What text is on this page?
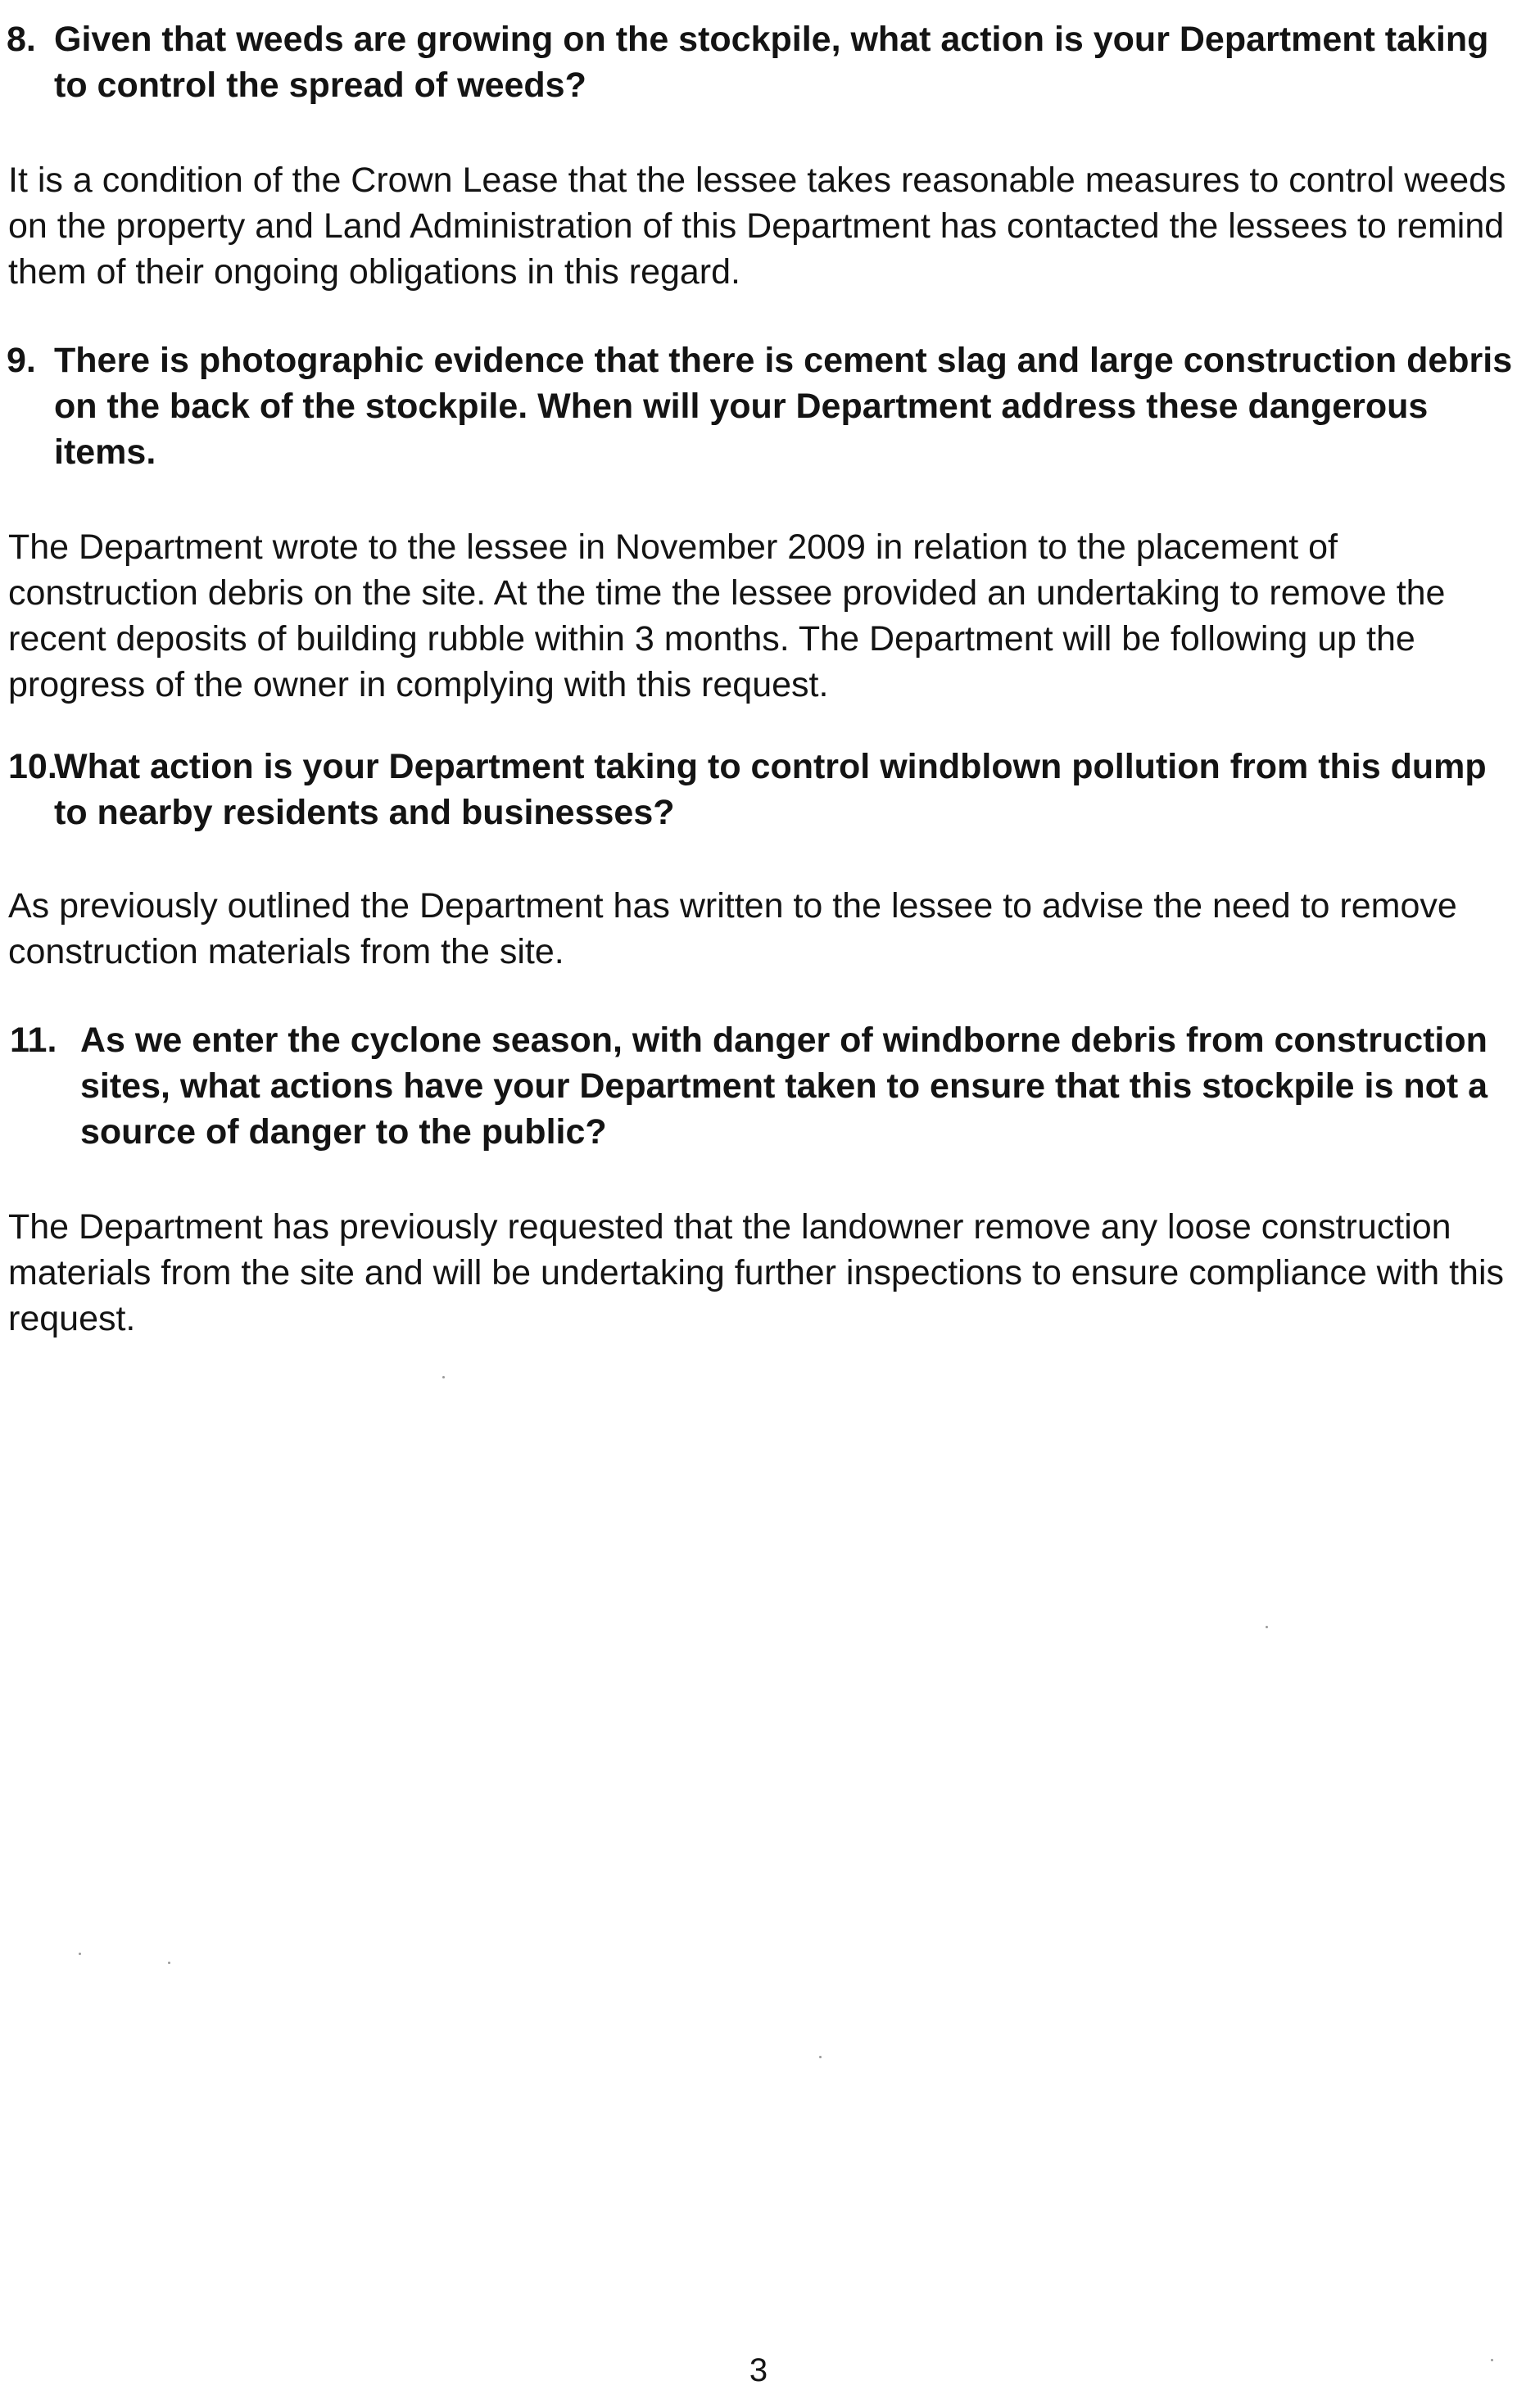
8. Given that weeds are growing on the stockpile, what action is your Department taking to control the spread of weeds?
It is a condition of the Crown Lease that the lessee takes reasonable measures to control weeds on the property and Land Administration of this Department has contacted the lessees to remind them of their ongoing obligations in this regard.
9. There is photographic evidence that there is cement slag and large construction debris on the back of the stockpile. When will your Department address these dangerous items.
The Department wrote to the lessee in November 2009 in relation to the placement of construction debris on the site. At the time the lessee provided an undertaking to remove the recent deposits of building rubble within 3 months. The Department will be following up the progress of the owner in complying with this request.
10.
What action is your Department taking to control windblown pollution from this dump to nearby residents and businesses?
As previously outlined the Department has written to the lessee to advise the need to remove construction materials from the site.
11. As we enter the cyclone season, with danger of windborne debris from construction sites, what actions have your Department taken to ensure that this stockpile is not a source of danger to the public?
The Department has previously requested that the landowner remove any loose construction materials from the site and will be undertaking further inspections to ensure compliance with this request.
3
